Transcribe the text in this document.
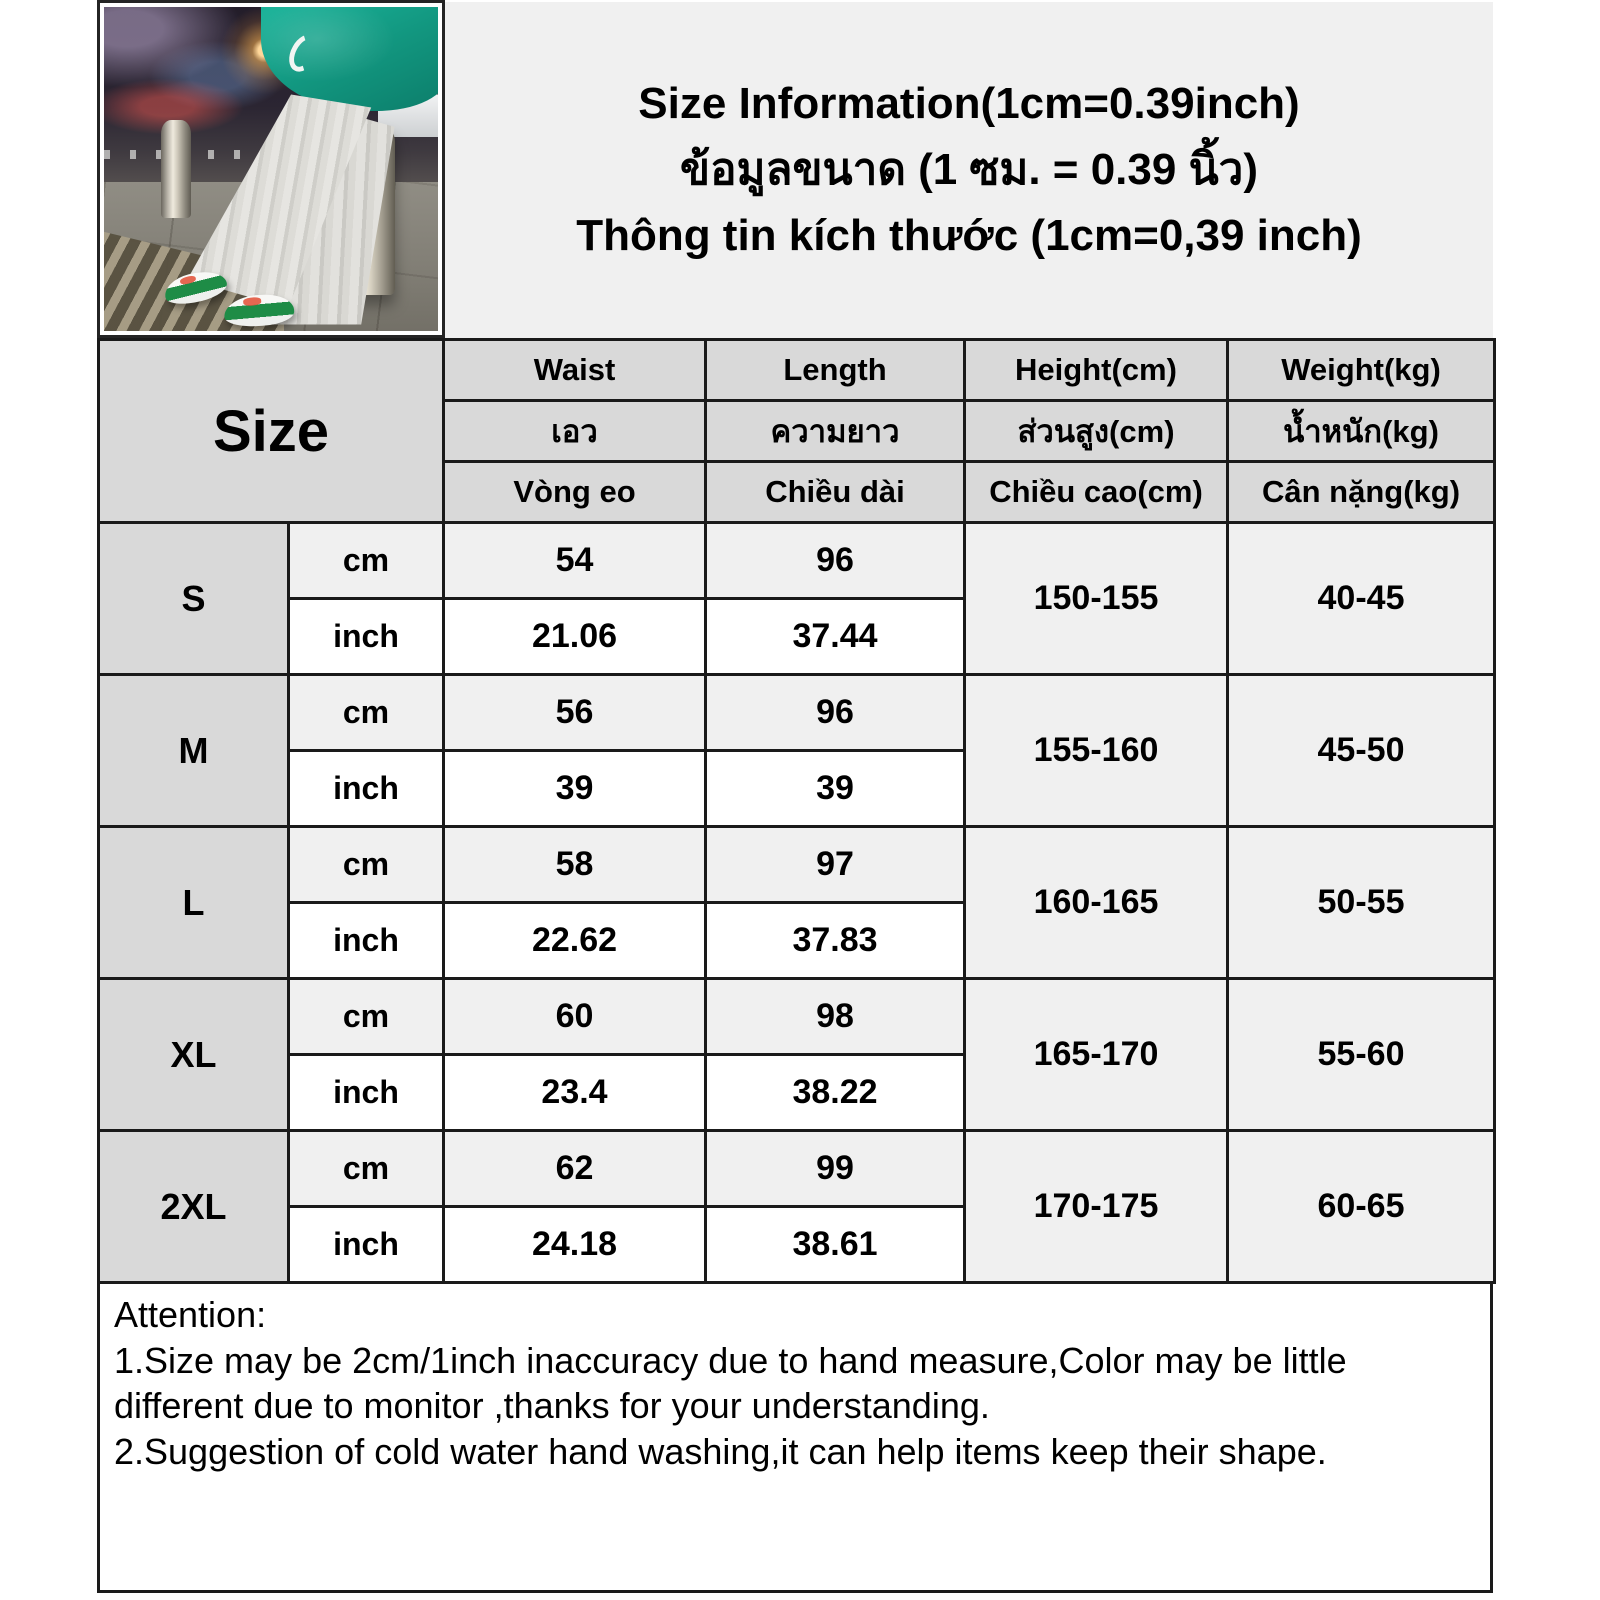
Size Information(1cm=0.39inch)
ข้อมูลขนาด (1 ซม. = 0.39 นิ้ว)
Thông tin kích thước (1cm=0,39 inch)
Size		Waist	Length	Height(cm)	Weight(kg)
		เอว	ความยาว	ส่วนสูง(cm)	น้ำหนัก(kg)
		Vòng eo	Chiều dài	Chiều cao(cm)	Cân nặng(kg)
S	cm	54	96	150-155	40-45
	inch	21.06	37.44		
M	cm	56	96	155-160	45-50
	inch	39	39		
L	cm	58	97	160-165	50-55
	inch	22.62	37.83		
XL	cm	60	98	165-170	55-60
	inch	23.4	38.22		
2XL	cm	62	99	170-175	60-65
	inch	24.18	38.61		

Attention:

1.Size may be 2cm/1inch inaccuracy due to hand measure,Color may be little different due to monitor ,thanks for your understanding.

2.Suggestion of cold water hand washing,it can help items keep their shape.
